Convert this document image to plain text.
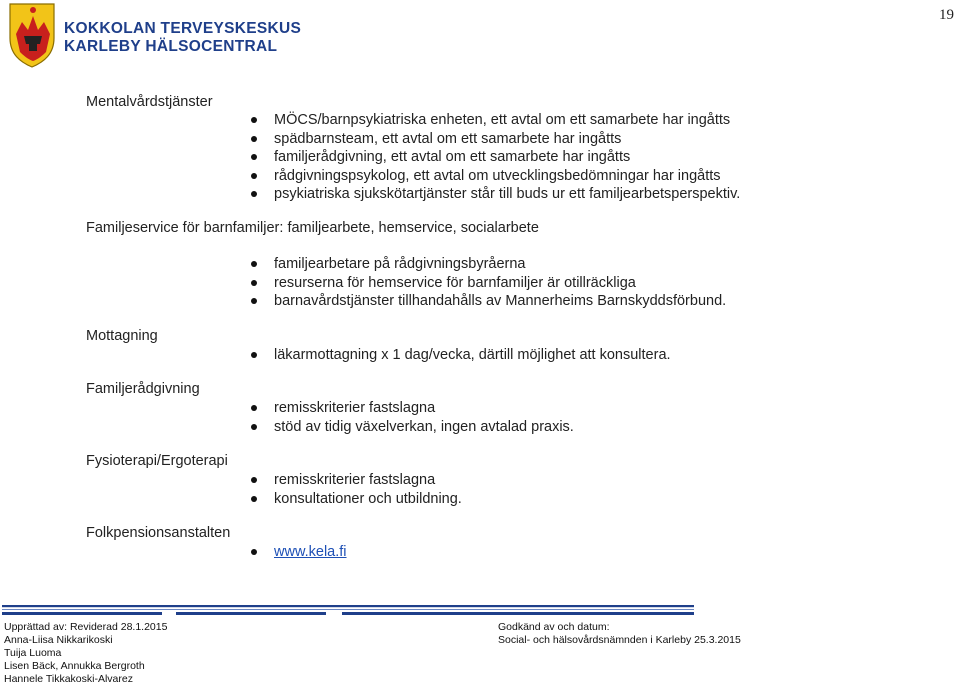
19
KOKKOLAN TERVEYSKESKUS
KARLEBY HÄLSOCENTRAL
Mentalvårdstjänster
MÖCS/barnpsykiatriska enheten, ett avtal om ett samarbete har ingåtts
spädbarnsteam, ett avtal om ett samarbete har ingåtts
familjerådgivning, ett avtal om ett samarbete har ingåtts
rådgivningspsykolog, ett avtal om utvecklingsbedömningar har ingåtts
psykiatriska sjukskötartjänster står till buds ur ett familjearbetsperspektiv.
Familjeservice för barnfamiljer: familjearbete, hemservice, socialarbete
familjearbetare på rådgivningsbyråerna
resurserna för hemservice för barnfamiljer är otillräckliga
barnavårdstjänster tillhandahålls av Mannerheims Barnskyddsförbund.
Mottagning
läkarmottagning x 1 dag/vecka, därtill möjlighet att konsultera.
Familjerådgivning
remisskriterier fastslagna
stöd av tidig växelverkan, ingen avtalad praxis.
Fysioterapi/Ergoterapi
remisskriterier fastslagna
konsultationer och utbildning.
Folkpensionsanstalten
www.kela.fi
Upprättad av: Reviderad 28.1.2015
Anna-Liisa Nikkarikoski
Tuija Luoma
Lisen Bäck, Annukka Bergroth
Hannele Tikkakoski-Alvarez
Godkänd av och datum:
Social- och hälsovårdsnämnden i Karleby 25.3.2015
